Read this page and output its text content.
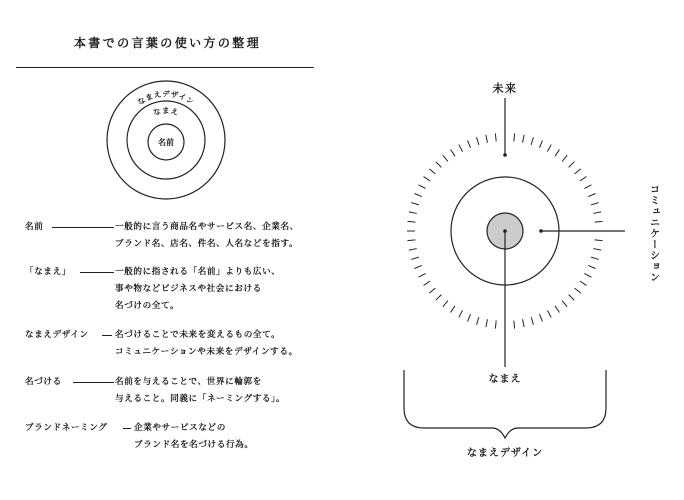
本書での言葉の使い方の整理
なまえデザイン
なまえ
名前
名前	一般的に言う商品名やサービス名、企業名、
ブランド名、店名、件名、人名などを指す。
「なまえ」	一般的に指される「名前」よりも広い、
事や物などビジネスや社会における
名づけの全て。
なまえデザイン	名づけることで未来を変えるもの全て。
コミュニケーションや未来をデザインする。
名づける	名前を与えることで、世界に輪郭を
与えること。同義に「ネーミングする」。
ブランドネーミング	企業やサービスなどの
ブランド名を名づける行為。
未来
コミュニケーション
なまえ
なまえデザイン
